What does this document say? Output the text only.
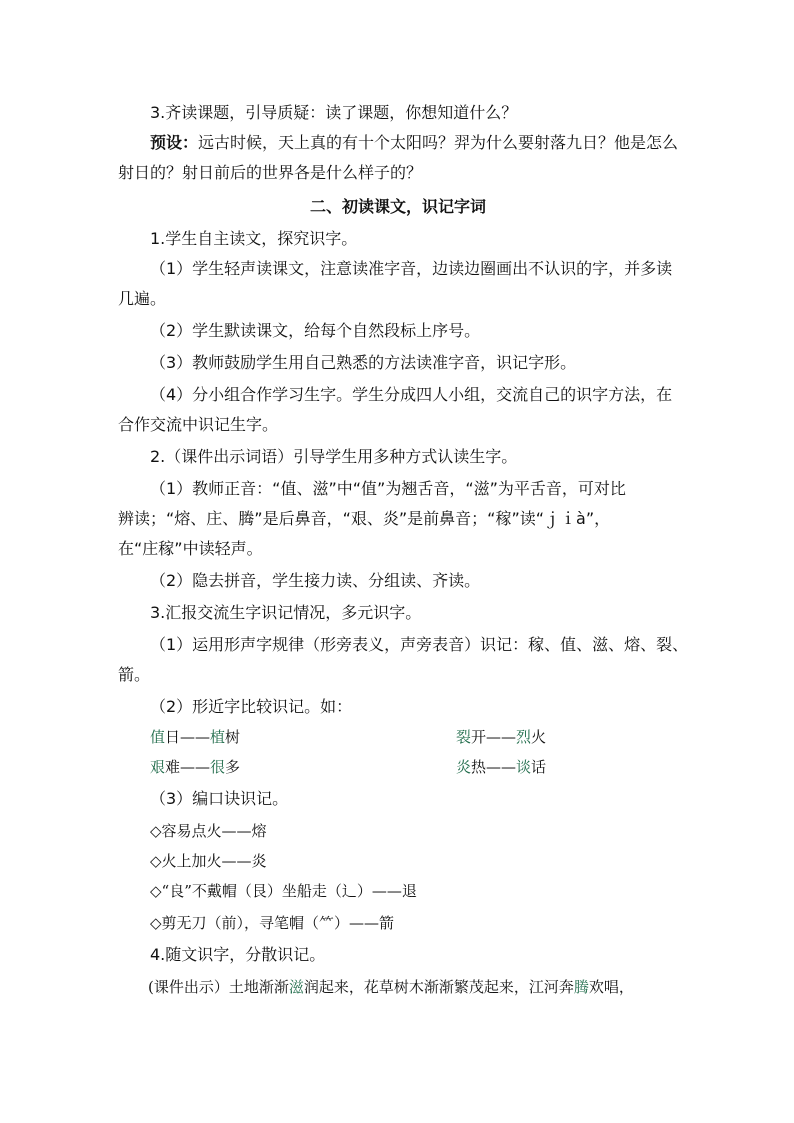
3.齐读课题，引导质疑：读了课题，你想知道什么？
预设：远古时候，天上真的有十个太阳吗？羿为什么要射落九日？他是怎么
射日的？射日前后的世界各是什么样子的？
二、初读课文，识记字词
1.学生自主读文，探究识字。
（1）学生轻声读课文，注意读准字音，边读边圈画出不认识的字，并多读
几遍。
（2）学生默读课文，给每个自然段标上序号。
（3）教师鼓励学生用自己熟悉的方法读准字音，识记字形。
（4）分小组合作学习生字。学生分成四人小组，交流自己的识字方法，在
合作交流中识记生字。
2.（课件出示词语）引导学生用多种方式认读生字。
（1）教师正音：“值、滋”中“值”为翘舌音，“滋”为平舌音，可对比
辨读；“熔、庄、腾”是后鼻音，“艰、炎”是前鼻音；“稼”读“ｊｉà”，
在“庄稼”中读轻声。
（2）隐去拼音，学生接力读、分组读、齐读。
3.汇报交流生字识记情况，多元识字。
（1）运用形声字规律（形旁表义，声旁表音）识记：稼、值、滋、熔、裂、
箭。
（2）形近字比较识记。如：
值日——植树	裂开——烈火
艰难——很多	炎热——谈话
（3）编口诀识记。
◇容易点火——熔
◇火上加火——炎
◇“良”不戴帽（艮）坐船走（辶）——退
◇剪无刀（前），寻笔帽（⺮）——箭
4.随文识字，分散识记。
(课件出示）土地渐渐滋润起来，花草树木渐渐繁茂起来，江河奔腾欢唱，
